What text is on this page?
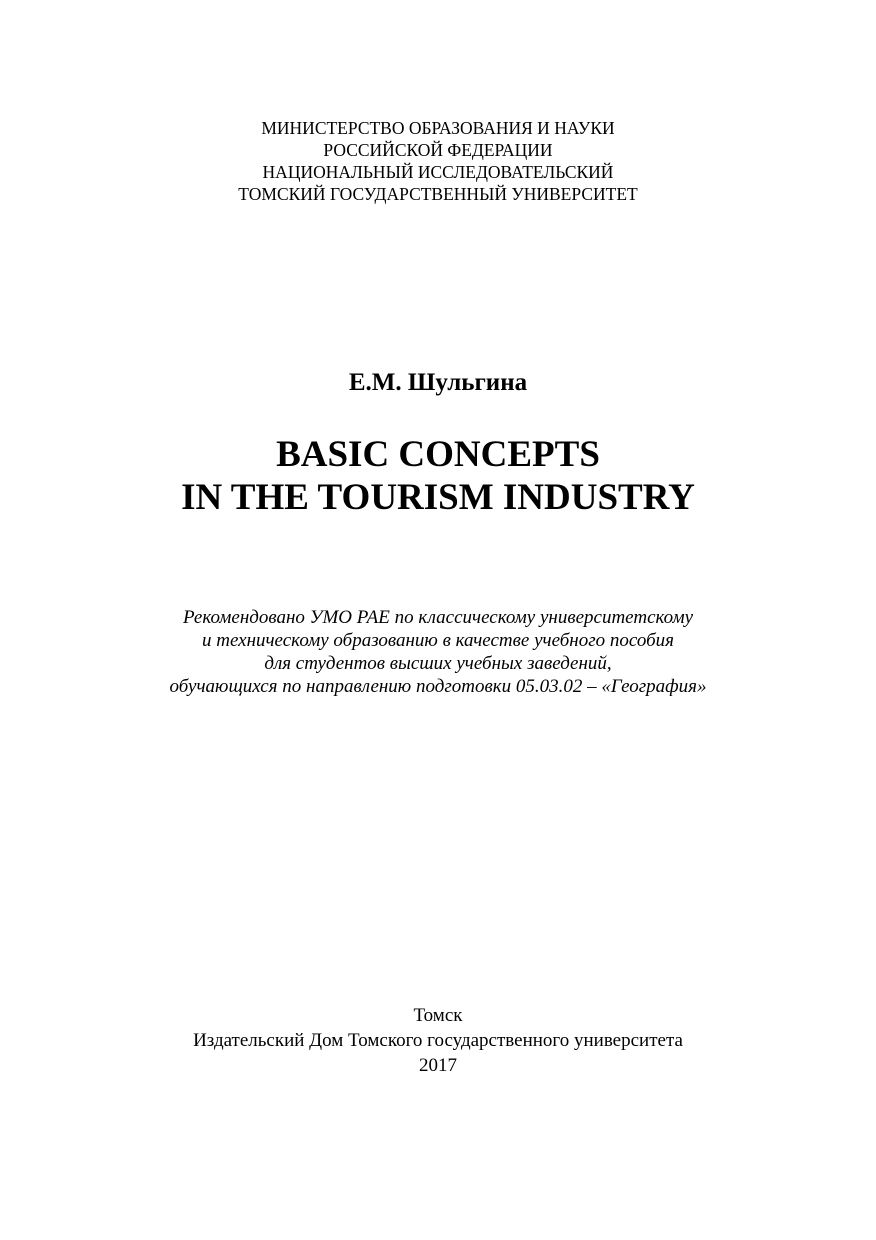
МИНИСТЕРСТВО ОБРАЗОВАНИЯ И НАУКИ
РОССИЙСКОЙ ФЕДЕРАЦИИ
НАЦИОНАЛЬНЫЙ ИССЛЕДОВАТЕЛЬСКИЙ
ТОМСКИЙ ГОСУДАРСТВЕННЫЙ УНИВЕРСИТЕТ
Е.М. Шульгина
BASIC CONCEPTS
IN THE TOURISM INDUSTRY
Рекомендовано УМО РАЕ по классическому университетскому
и техническому образованию в качестве учебного пособия
для студентов высших учебных заведений,
обучающихся по направлению подготовки 05.03.02 – «География»
Томск
Издательский Дом Томского государственного университета
2017
